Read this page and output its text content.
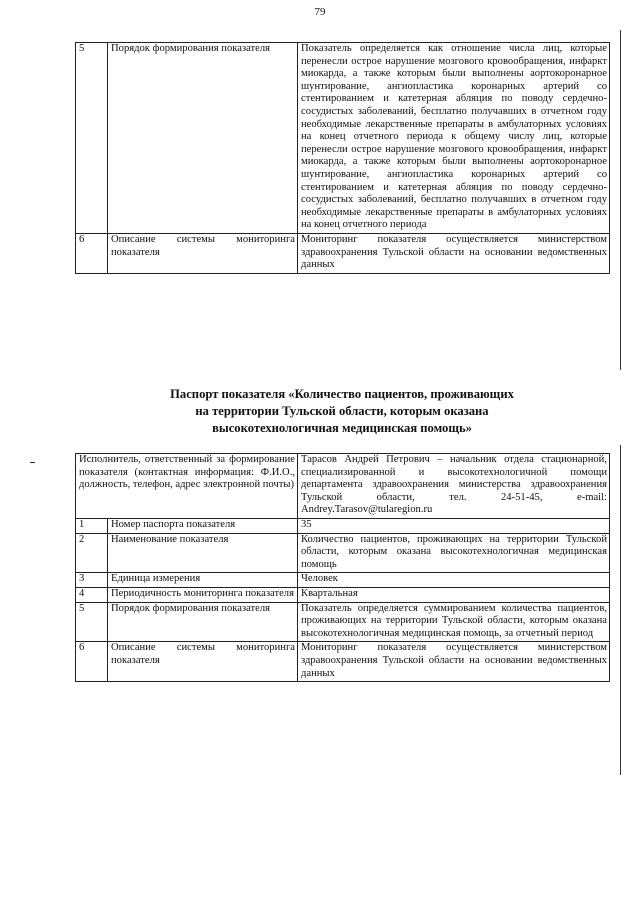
79
5	Порядок формирования показателя	Показатель определяется как отношение числа лиц, которые перенесли острое нарушение мозгового кровообращения, инфаркт миокарда, а также которым были выполнены аортокоронарное шунтирование, ангиопластика коронарных артерий со стентированием и катетерная абляция по поводу сердечно-сосудистых заболеваний, бесплатно получавших в отчетном году необходимые лекарственные препараты в амбулаторных условиях на конец отчетного периода к общему числу лиц, которые перенесли острое нарушение мозгового кровообращения, инфаркт миокарда, а также которым были выполнены аортокоронарное шунтирование, ангиопластика коронарных артерий со стентированием и катетерная абляция по поводу сердечно-сосудистых заболеваний, бесплатно получавших в отчетном году необходимые лекарственные препараты в амбулаторных условиях на конец отчетного периода
6	Описание системы мониторинга показателя	Мониторинг показателя осуществляется министерством здравоохранения Тульской области на основании ведомственных данных
Паспорт показателя «Количество пациентов, проживающих
на территории Тульской области, которым оказана
высокотехнологичная медицинская помощь»
Исполнитель, ответственный за формирование показателя (контактная информация: Ф.И.О., должность, телефон, адрес электронной почты)		Тарасов Андрей Петрович – начальник отдела стационарной, специализированной и высокотехнологичной помощи департамента здравоохранения министерства здравоохранения Тульской области, тел. 24-51-45, e-mail: Andrey.Tarasov@tularegion.ru
1	Номер паспорта показателя	35
2	Наименование показателя	Количество пациентов, проживающих на территории Тульской области, которым оказана высокотехнологичная медицинская помощь
3	Единица измерения	Человек
4	Периодичность мониторинга показателя	Квартальная
5	Порядок формирования показателя	Показатель определяется суммированием количества пациентов, проживающих на территории Тульской области, которым оказана высокотехнологичная медицинская помощь, за отчетный период
6	Описание системы мониторинга показателя	Мониторинг показателя осуществляется министерством здравоохранения Тульской области на основании ведомственных данных
